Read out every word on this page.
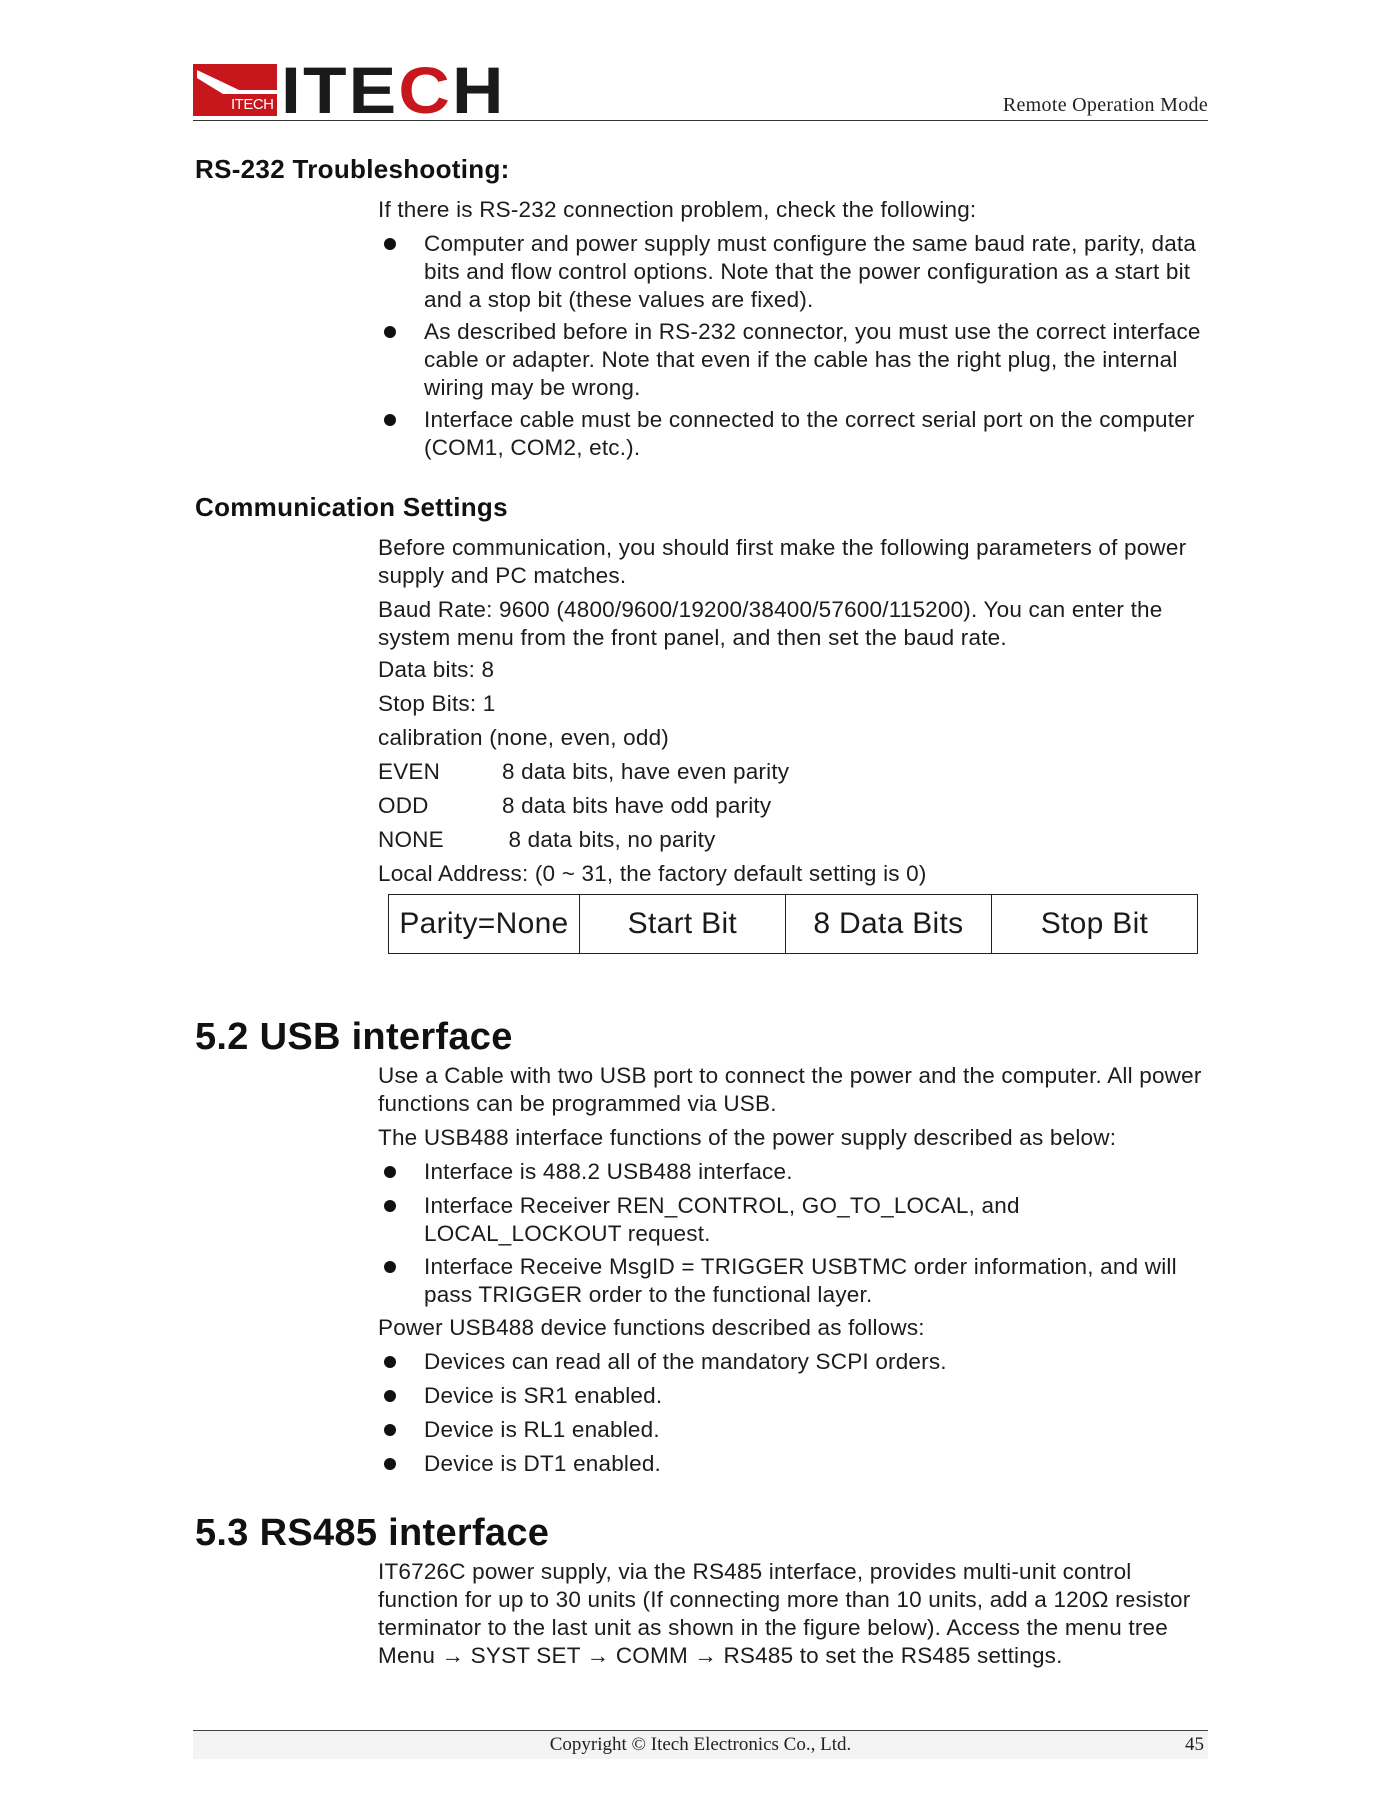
ITECH ITECH	Remote Operation Mode
RS-232 Troubleshooting:
If there is RS-232 connection problem, check the following:
Computer and power supply must configure the same baud rate, parity, data bits and flow control options. Note that the power configuration as a start bit and a stop bit (these values are fixed).
As described before in RS-232 connector, you must use the correct interface cable or adapter. Note that even if the cable has the right plug, the internal wiring may be wrong.
Interface cable must be connected to the correct serial port on the computer (COM1, COM2, etc.).
Communication Settings
Before communication, you should first make the following parameters of power supply and PC matches.
Baud Rate: 9600 (4800/9600/19200/38400/57600/115200). You can enter the system menu from the front panel, and then set the baud rate.
Data bits: 8
Stop Bits: 1
calibration (none, even, odd)
EVEN	8 data bits, have even parity
ODD	8 data bits have odd parity
NONE	8 data bits, no parity
Local Address: (0 ~ 31, the factory default setting is 0)
Parity=None	Start Bit	8 Data Bits	Stop Bit
5.2 USB interface
Use a Cable with two USB port to connect the power and the computer. All power functions can be programmed via USB.
The USB488 interface functions of the power supply described as below:
Interface is 488.2 USB488 interface.
Interface Receiver REN_CONTROL, GO_TO_LOCAL, and LOCAL_LOCKOUT request.
Interface Receive MsgID = TRIGGER USBTMC order information, and will pass TRIGGER order to the functional layer.
Power USB488 device functions described as follows:
Devices can read all of the mandatory SCPI orders.
Device is SR1 enabled.
Device is RL1 enabled.
Device is DT1 enabled.
5.3 RS485 interface
IT6726C power supply, via the RS485 interface, provides multi-unit control function for up to 30 units (If connecting more than 10 units, add a 120Ω resistor terminator to the last unit as shown in the figure below). Access the menu tree Menu → SYST SET → COMM → RS485 to set the RS485 settings.
Copyright © Itech Electronics Co., Ltd.	45
